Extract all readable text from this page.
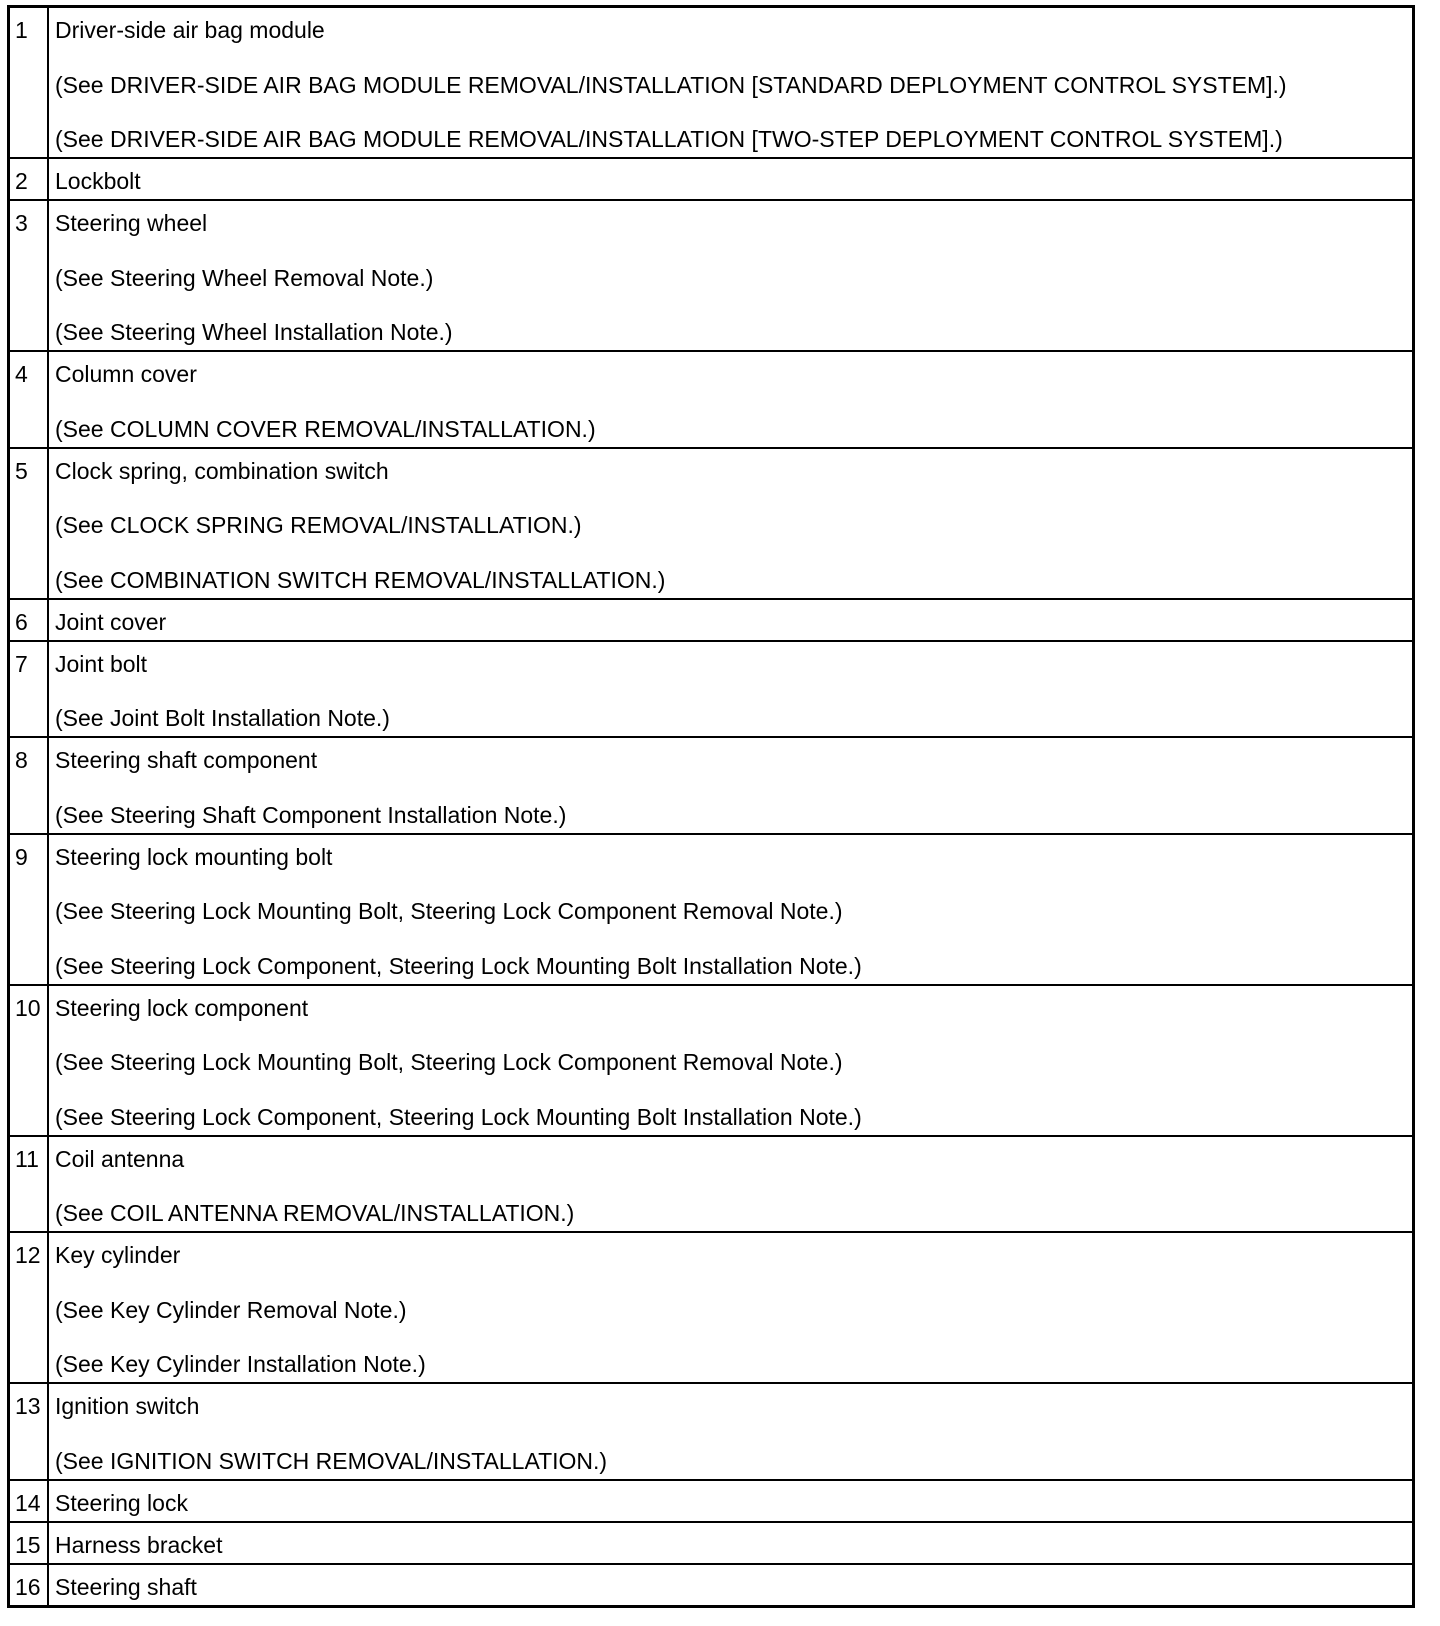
1	Driver-side air bag module
(See DRIVER-SIDE AIR BAG MODULE REMOVAL/INSTALLATION [STANDARD DEPLOYMENT CONTROL SYSTEM].)
(See DRIVER-SIDE AIR BAG MODULE REMOVAL/INSTALLATION [TWO-STEP DEPLOYMENT CONTROL SYSTEM].)

2	Lockbolt

3	Steering wheel
(See Steering Wheel Removal Note.)
(See Steering Wheel Installation Note.)

4	Column cover
(See COLUMN COVER REMOVAL/INSTALLATION.)

5	Clock spring, combination switch
(See CLOCK SPRING REMOVAL/INSTALLATION.)
(See COMBINATION SWITCH REMOVAL/INSTALLATION.)

6	Joint cover

7	Joint bolt
(See Joint Bolt Installation Note.)

8	Steering shaft component
(See Steering Shaft Component Installation Note.)

9	Steering lock mounting bolt
(See Steering Lock Mounting Bolt, Steering Lock Component Removal Note.)
(See Steering Lock Component, Steering Lock Mounting Bolt Installation Note.)

10	Steering lock component
(See Steering Lock Mounting Bolt, Steering Lock Component Removal Note.)
(See Steering Lock Component, Steering Lock Mounting Bolt Installation Note.)

11	Coil antenna
(See COIL ANTENNA REMOVAL/INSTALLATION.)

12	Key cylinder
(See Key Cylinder Removal Note.)
(See Key Cylinder Installation Note.)

13	Ignition switch
(See IGNITION SWITCH REMOVAL/INSTALLATION.)

14	Steering lock

15	Harness bracket

16	Steering shaft
